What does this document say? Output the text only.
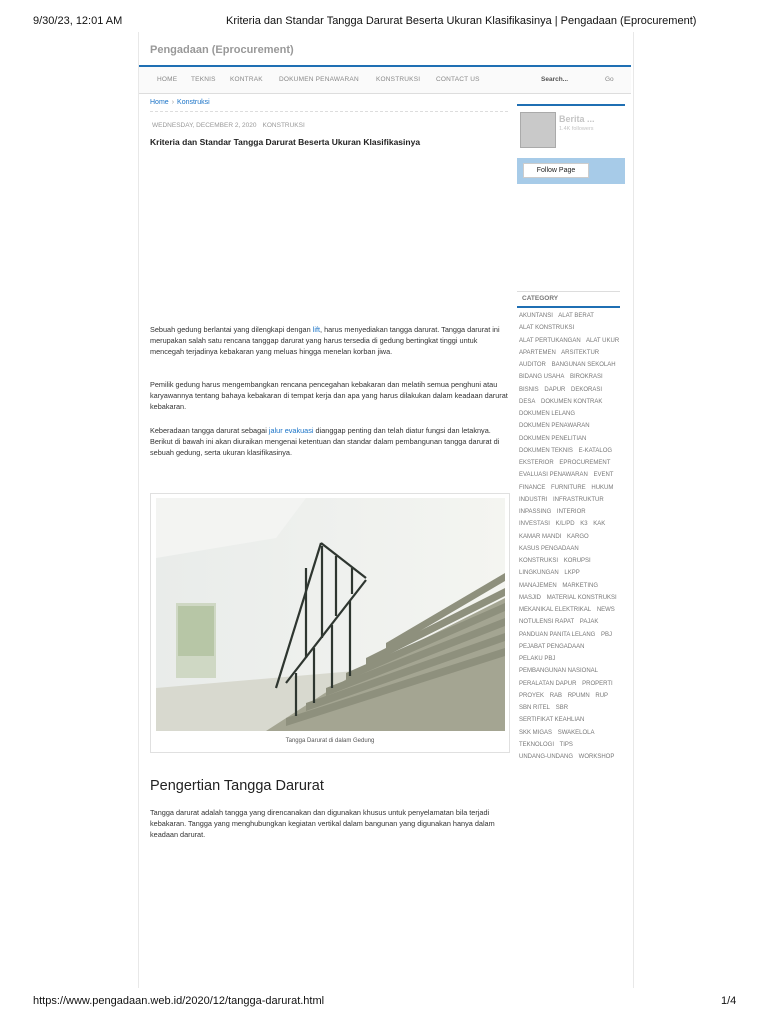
9/30/23, 12:01 AM	Kriteria dan Standar Tangga Darurat Beserta Ukuran Klasifikasinya | Pengadaan (Eprocurement)
Pengadaan (Eprocurement)
HOME TEKNIS KONTRAK DOKUMEN PENAWARAN	KONSTRUKSI CONTACT US	Search...	Go
Home › Konstruksi
WEDNESDAY, DECEMBER 2, 2020 KONSTRUKSI
Kriteria dan Standar Tangga Darurat Beserta Ukuran Klasifikasinya
Sebuah gedung berlantai yang dilengkapi dengan lift, harus menyediakan tangga darurat. Tangga darurat ini merupakan salah satu rencana tanggap darurat yang harus tersedia di gedung bertingkat tinggi untuk mencegah terjadinya kebakaran yang meluas hingga menelan korban jiwa.
Pemilik gedung harus mengembangkan rencana pencegahan kebakaran dan melatih semua penghuni atau karyawannya tentang bahaya kebakaran di tempat kerja dan apa yang harus dilakukan dalam keadaan darurat kebakaran.
Keberadaan tangga darurat sebagai jalur evakuasi dianggap penting dan telah diatur fungsi dan letaknya. Berikut di bawah ini akan diuraikan mengenai ketentuan dan standar dalam pembangunan tangga darurat di sebuah gedung, serta ukuran klasifikasinya.
Tangga Darurat di dalam Gedung
Pengertian Tangga Darurat
Tangga darurat adalah tangga yang direncanakan dan digunakan khusus untuk penyelamatan bila terjadi kebakaran. Tangga yang menghubungkan kegiatan vertikal dalam bangunan yang digunakan hanya dalam keadaan darurat.
Berita ...
1.4K followers
Follow Page
CATEGORY
AKUNTANSI ALAT BERAT ALAT KONSTRUKSI ALAT PERTUKANGAN ALAT UKUR APARTEMEN ARSITEKTUR AUDITOR BANGUNAN SEKOLAH BIDANG USAHA BIROKRASI BISNIS DAPUR DEKORASI DESA DOKUMEN KONTRAK DOKUMEN LELANG DOKUMEN PENAWARAN DOKUMEN PENELITIAN DOKUMEN TEKNIS E-KATALOG EKSTERIOR EPROCUREMENT EVALUASI PENAWARAN EVENT FINANCE FURNITURE HUKUM INDUSTRI INFRASTRUKTUR INPASSING INTERIOR INVESTASI K/L/PD K3 KAK KAMAR MANDI KARGO KASUS PENGADAAN KONSTRUKSI KORUPSI LINGKUNGAN LKPP MANAJEMEN MARKETING MASJID MATERIAL KONSTRUKSI MEKANIKAL ELEKTRIKAL NEWS NOTULENSI RAPAT PAJAK PANDUAN PANITA LELANG PBJ PEJABAT PENGADAAN PELAKU PBJ PEMBANGUNAN NASIONAL PERALATAN DAPUR PROPERTI PROYEK RAB RPUMN RUP SBN RITEL SBR SERTIFIKAT KEAHLIAN SKK MIGAS SWAKELOLA TEKNOLOGI TIPS UNDANG-UNDANG WORKSHOP
https://www.pengadaan.web.id/2020/12/tangga-darurat.html	1/4
